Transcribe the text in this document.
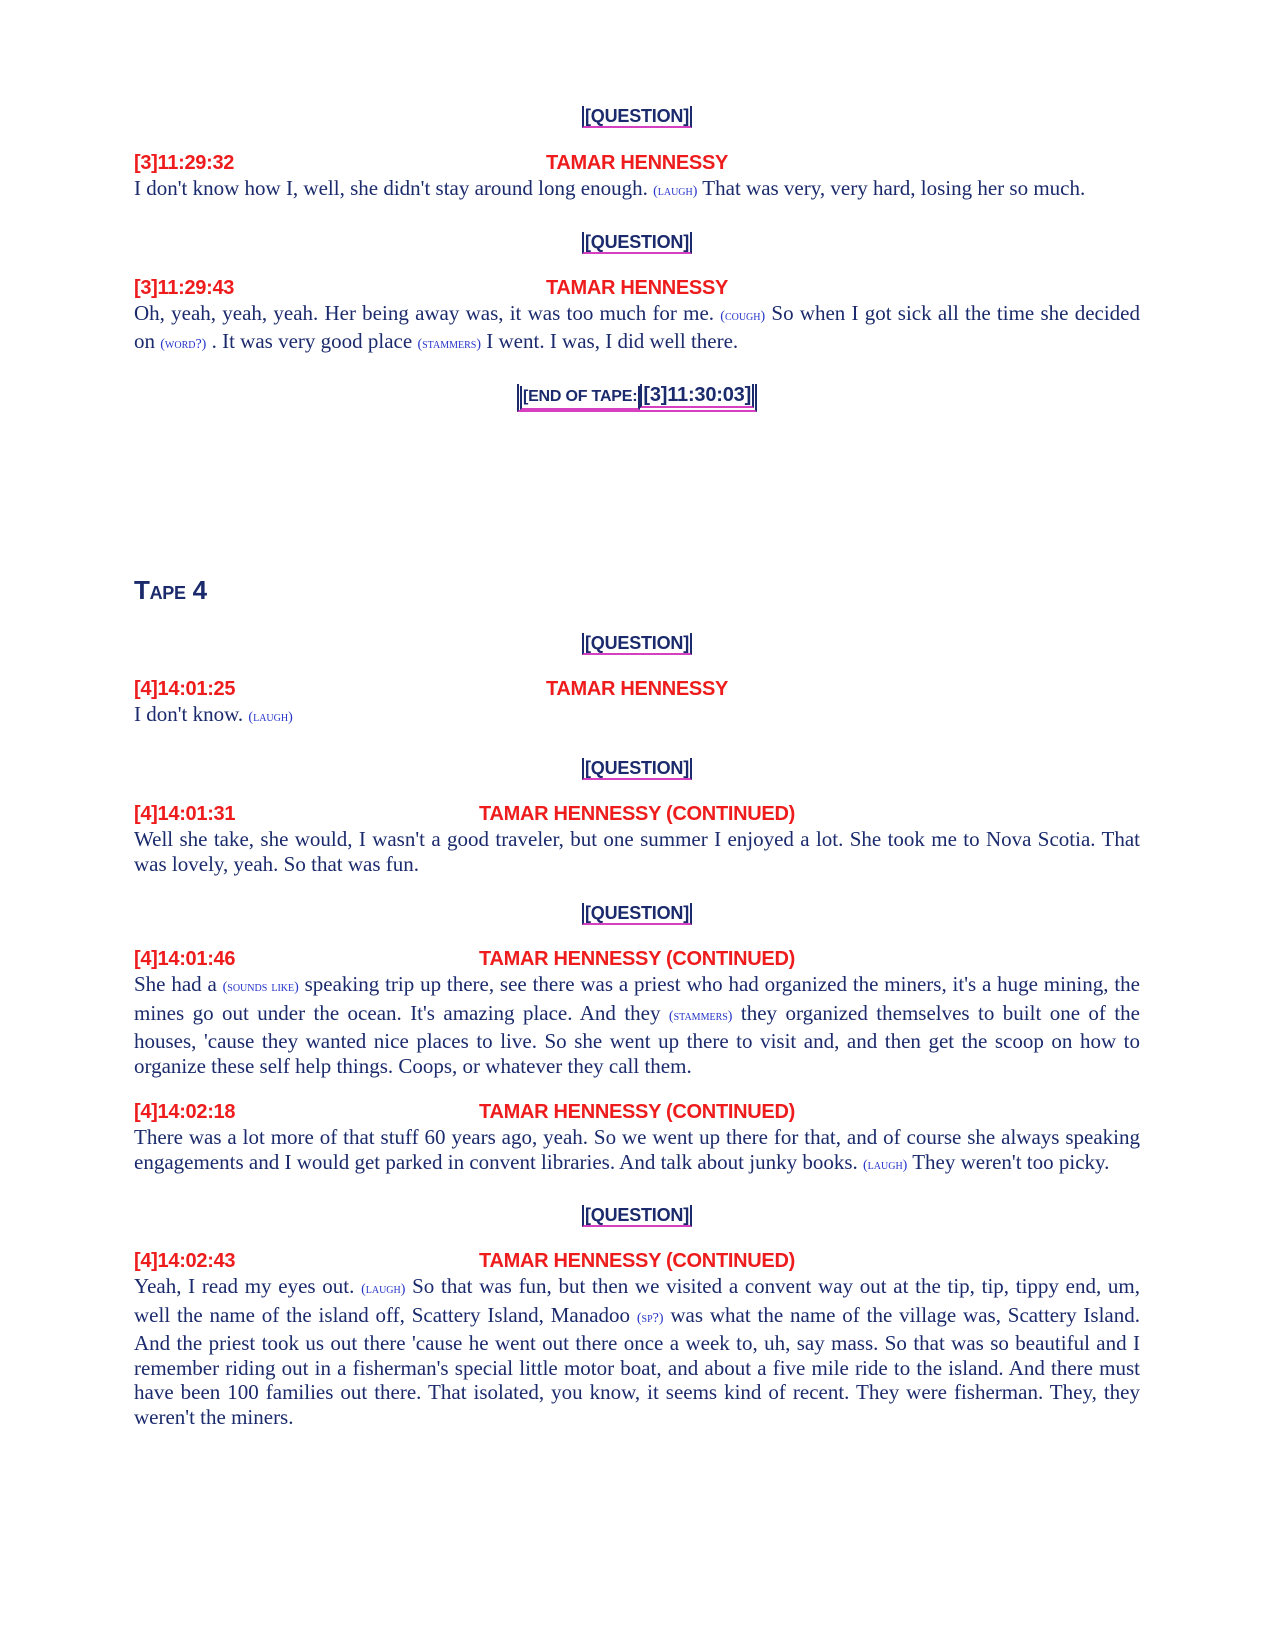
[QUESTION]
[3]11:29:32	TAMAR HENNESSY

I don't know how I, well, she didn't stay around long enough. (laugh) That was very, very hard, losing her so much.

[QUESTION]
[3]11:29:43	TAMAR HENNESSY

Oh, yeah, yeah, yeah. Her being away was, it was too much for me. (cough) So when I got sick all the time she decided on (word?) . It was very good place (stammers) I went. I was, I did well there.

[END OF TAPE:[3]11:30:03]
Tape 4
[QUESTION]
[4]14:01:25	TAMAR HENNESSY

I don't know. (laugh)

[QUESTION]
[4]14:01:31	TAMAR HENNESSY (CONTINUED)

Well she take, she would, I wasn't a good traveler, but one summer I enjoyed a lot. She took me to Nova Scotia. That was lovely, yeah. So that was fun.

[QUESTION]
[4]14:01:46	TAMAR HENNESSY (CONTINUED)

She had a (sounds like) speaking trip up there, see there was a priest who had organized the miners, it's a huge mining, the mines go out under the ocean. It's amazing place. And they (stammers) they organized themselves to built one of the houses, 'cause they wanted nice places to live. So she went up there to visit and, and then get the scoop on how to organize these self help things. Coops, or whatever they call them.

[4]14:02:18	TAMAR HENNESSY (CONTINUED)

There was a lot more of that stuff 60 years ago, yeah. So we went up there for that, and of course she always speaking engagements and I would get parked in convent libraries. And talk about junky books. (laugh) They weren't too picky.

[QUESTION]
[4]14:02:43	TAMAR HENNESSY (CONTINUED)

Yeah, I read my eyes out. (laugh) So that was fun, but then we visited a convent way out at the tip, tip, tippy end, um, well the name of the island off, Scattery Island, Manadoo (sp?) was what the name of the village was, Scattery Island. And the priest took us out there 'cause he went out there once a week to, uh, say mass. So that was so beautiful and I remember riding out in a fisherman's special little motor boat, and about a five mile ride to the island. And there must have been 100 families out there. That isolated, you know, it seems kind of recent. They were fisherman. They, they weren't the miners.
